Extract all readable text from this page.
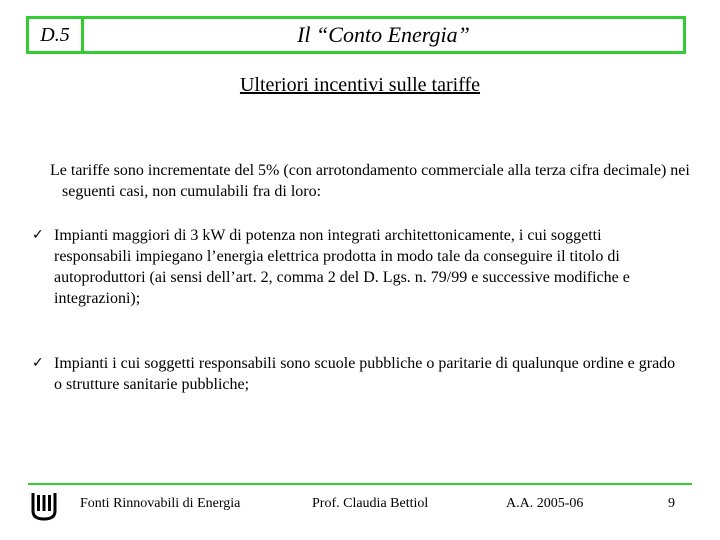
D.5	Il “Conto Energia”
Ulteriori incentivi sulle tariffe
Le tariffe sono incrementate del 5% (con arrotondamento commerciale alla terza cifra decimale) nei seguenti casi, non cumulabili fra di loro:
✓ Impianti maggiori di 3 kW di potenza non integrati architettonicamente, i cui soggetti responsabili impiegano l’energia elettrica prodotta in modo tale da conseguire il titolo di autoproduttori (ai sensi dell’art. 2, comma 2 del D. Lgs. n. 79/99 e successive modifiche e integrazioni);
✓ Impianti i cui soggetti responsabili sono scuole pubbliche o paritarie di qualunque ordine e grado o strutture sanitarie pubbliche;
Fonti Rinnovabili di Energia	Prof. Claudia Bettiol	A.A. 2005-06	9
